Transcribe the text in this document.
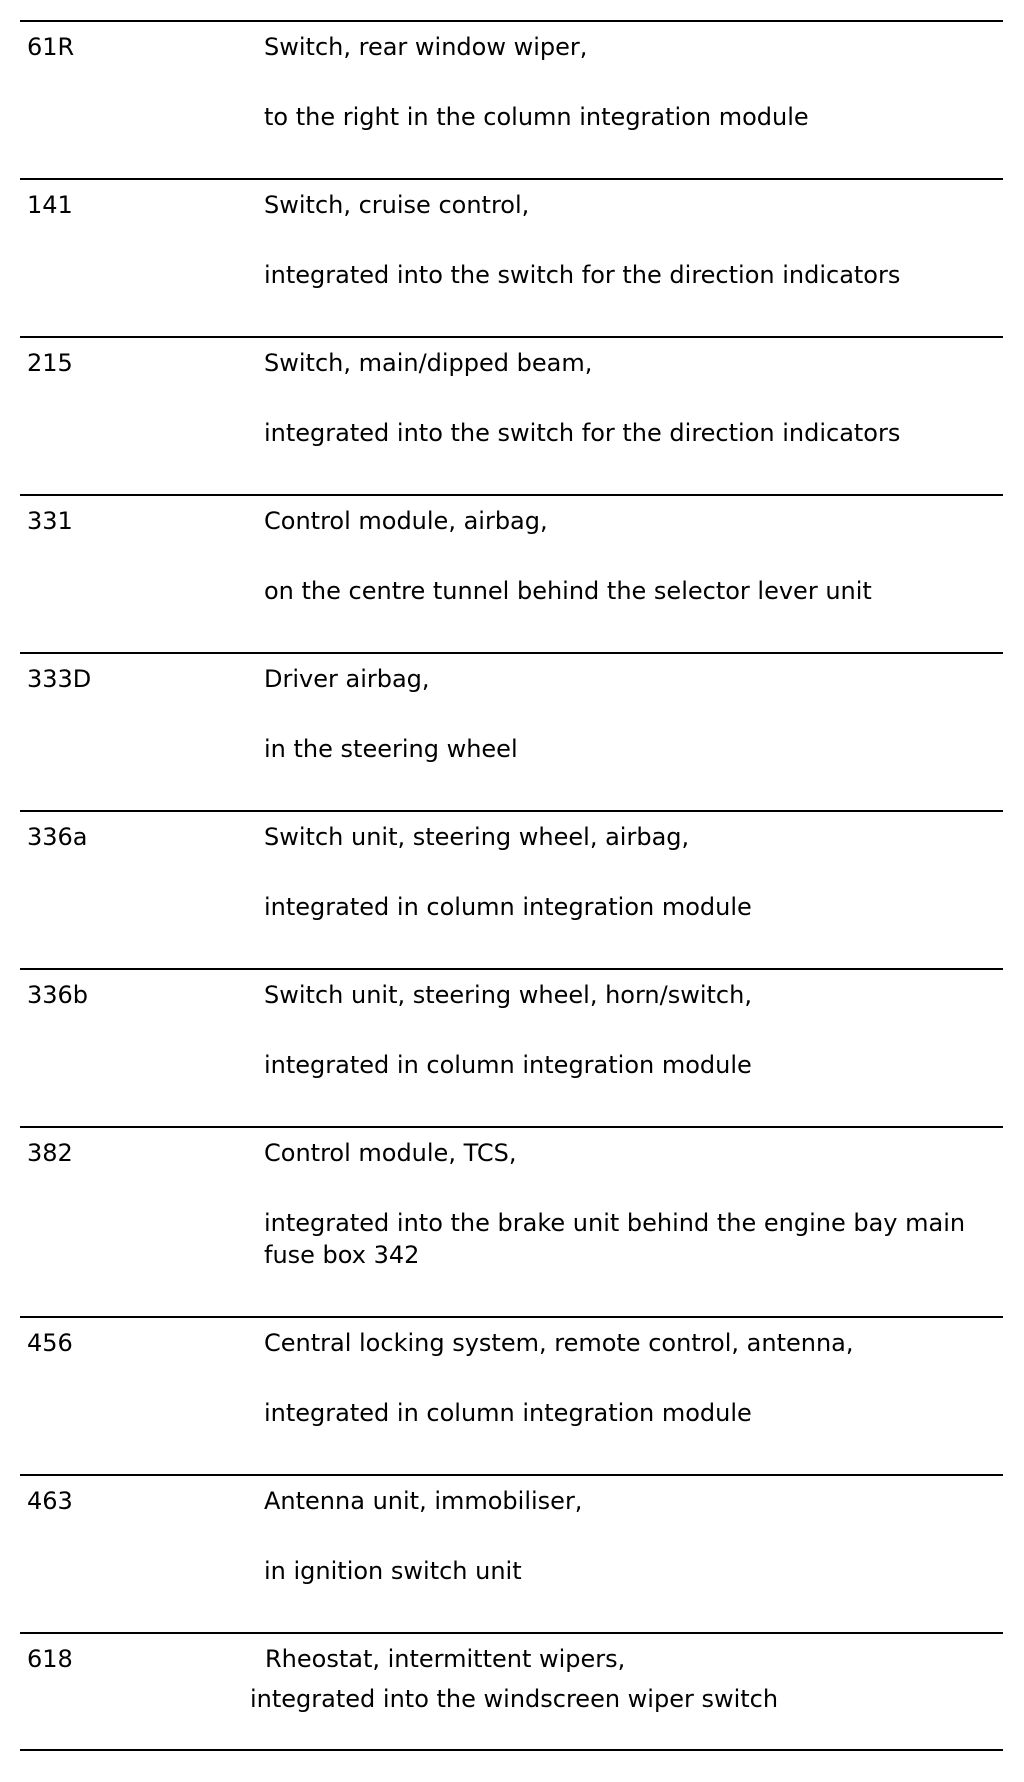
61R	Switch, rear window wiper,
to the right in the column integration module
141	Switch, cruise control,
integrated into the switch for the direction indicators
215	Switch, main/dipped beam,
integrated into the switch for the direction indicators
331	Control module, airbag,
on the centre tunnel behind the selector lever unit
333D	Driver airbag,
in the steering wheel
336a	Switch unit, steering wheel, airbag,
integrated in column integration module
336b	Switch unit, steering wheel, horn/switch,
integrated in column integration module
382	Control module, TCS,
integrated into the brake unit behind the engine bay main fuse box 342
456	Central locking system, remote control, antenna,
integrated in column integration module
463	Antenna unit, immobiliser,
in ignition switch unit
618	Rheostat, intermittent wipers,
integrated into the windscreen wiper switch
